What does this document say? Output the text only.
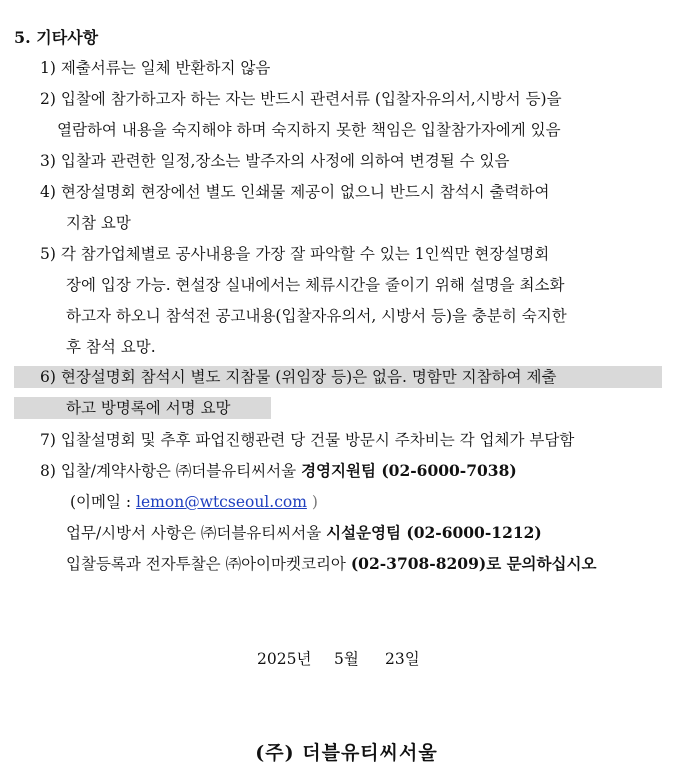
5. 기타사항
1) 제출서류는 일체 반환하지 않음
2) 입찰에 참가하고자 하는 자는 반드시 관련서류 (입찰자유의서,시방서 등)을
열람하여 내용을 숙지해야 하며 숙지하지 못한 책임은 입찰참가자에게 있음
3) 입찰과 관련한 일정,장소는 발주자의 사정에 의하여 변경될 수 있음
4) 현장설명회 현장에선 별도 인쇄물 제공이 없으니 반드시 참석시 출력하여
지참 요망
5) 각 참가업체별로 공사내용을 가장 잘 파악할 수 있는 1인씩만 현장설명회
장에 입장 가능. 현설장 실내에서는 체류시간을 줄이기 위해 설명을 최소화
하고자 하오니 참석전 공고내용(입찰자유의서, 시방서 등)을 충분히 숙지한
후 참석 요망.
6) 현장설명회 참석시 별도 지참물 (위임장 등)은 없음. 명함만 지참하여 제출
하고 방명록에 서명 요망
7) 입찰설명회 및 추후 파업진행관련 당 건물 방문시 주차비는 각 업체가 부담함
8) 입찰/계약사항은 ㈜더블유티씨서울 경영지원팀 (02-6000-7038)
(이메일 : lemon@wtcseoul.com )
업무/시방서 사항은 ㈜더블유티씨서울 시설운영팀 (02-6000-1212)
입찰등록과 전자투찰은 ㈜아이마켓코리아 (02-3708-8209)로 문의하십시오
2025년 5월 23일
(주) 더블유티씨서울
